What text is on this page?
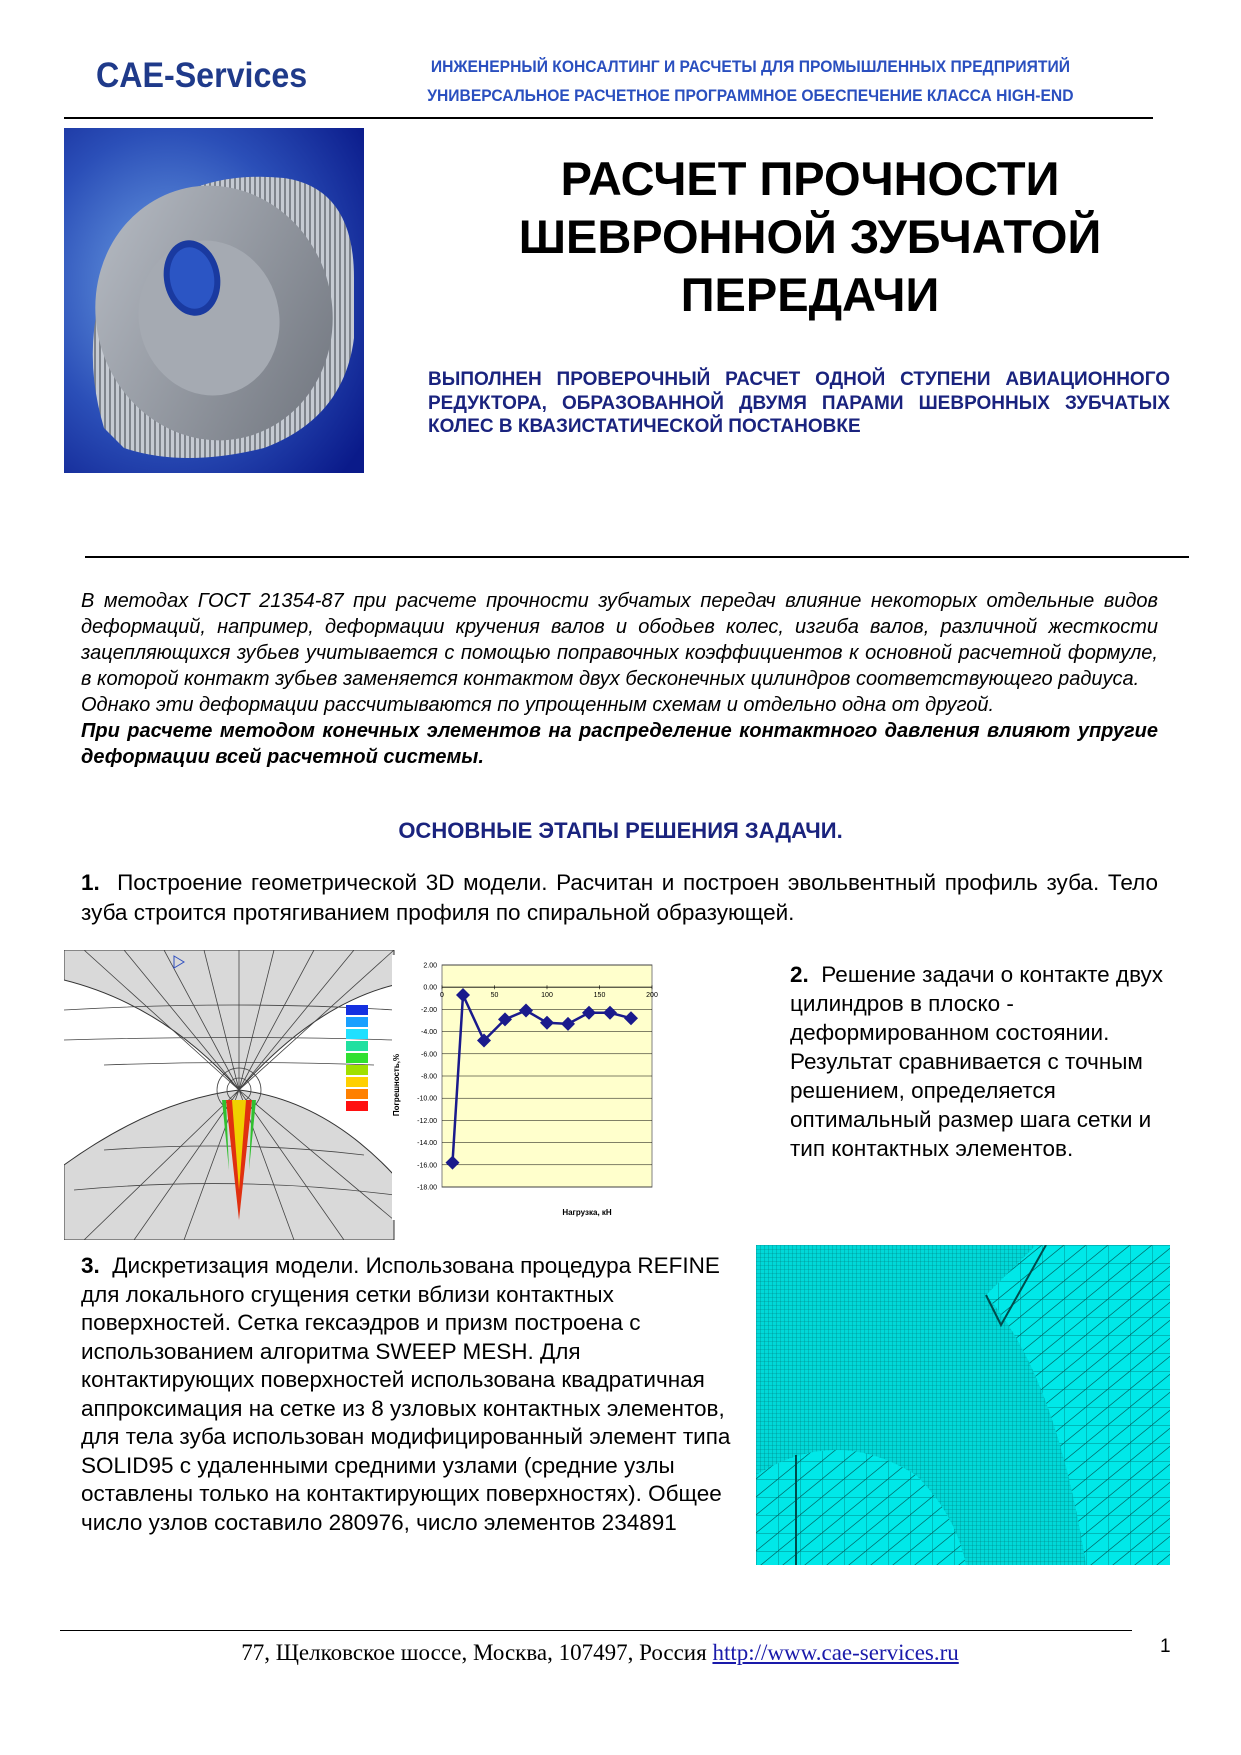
CAE-Services	ИНЖЕНЕРНЫЙ КОНСАЛТИНГ И РАСЧЕТЫ ДЛЯ ПРОМЫШЛЕННЫХ ПРЕДПРИЯТИЙ
УНИВЕРСАЛЬНОЕ РАСЧЕТНОЕ ПРОГРАММНОЕ ОБЕСПЕЧЕНИЕ КЛАССА HIGH-END
РАСЧЕТ ПРОЧНОСТИ
ШЕВРОННОЙ ЗУБЧАТОЙ
ПЕРЕДАЧИ
ВЫПОЛНЕН ПРОВЕРОЧНЫЙ РАСЧЕТ ОДНОЙ СТУПЕНИ АВИАЦИОННОГО РЕДУКТОРА, ОБРАЗОВАННОЙ ДВУМЯ ПАРАМИ ШЕВРОННЫХ ЗУБЧАТЫХ КОЛЕС В КВАЗИСТАТИЧЕСКОЙ ПОСТАНОВКЕ

В методах ГОСТ 21354-87 при расчете прочности зубчатых передач влияние некоторых отдельные видов деформаций, например, деформации кручения валов и ободьев колес, изгиба валов, различной жесткости зацепляющихся зубьев учитывается с помощью поправочных коэффициентов к основной расчетной формуле, в которой контакт зубьев заменяется контактом двух бесконечных цилиндров соответствующего радиуса.

Однако эти деформации рассчитываются по упрощенным схемам и отдельно одна от другой.

При расчете методом конечных элементов на распределение контактного давления влияют упругие деформации всей расчетной системы.

ОСНОВНЫЕ ЭТАПЫ РЕШЕНИЯ ЗАДАЧИ.
1. Построение геометрической 3D модели. Расчитан и построен эвольвентный профиль зуба. Тело зуба строится протягиванием профиля по спиральной образующей.
2.00
0.00
-2.00
-4.00
-6.00
-8.00
-10.00
-12.00
-14.00
-16.00
-18.00
0	50	100	150	200
Нагрузка, кН
Погрешность,%
2. Решение задачи о контакте двух цилиндров в плоско - деформированном состоянии. Результат сравнивается с точным решением, определяется оптимальный размер шага сетки и тип контактных элементов.
3. Дискретизация модели. Использована процедура REFINE для локального сгущения сетки вблизи контактных поверхностей. Сетка гексаэдров и призм построена с использованием алгоритма SWEEP MESH. Для контактирующих поверхностей использована квадратичная аппроксимация на сетке из 8 узловых контактных элементов, для тела зуба использован модифицированный элемент типа SOLID95 с удаленными средними узлами (средние узлы оставлены только на контактирующих поверхностях). Общее число узлов составило 280976, число элементов 234891
77, Щелковское шоссе, Москва, 107497, Россия http://www.cae-services.ru	1
